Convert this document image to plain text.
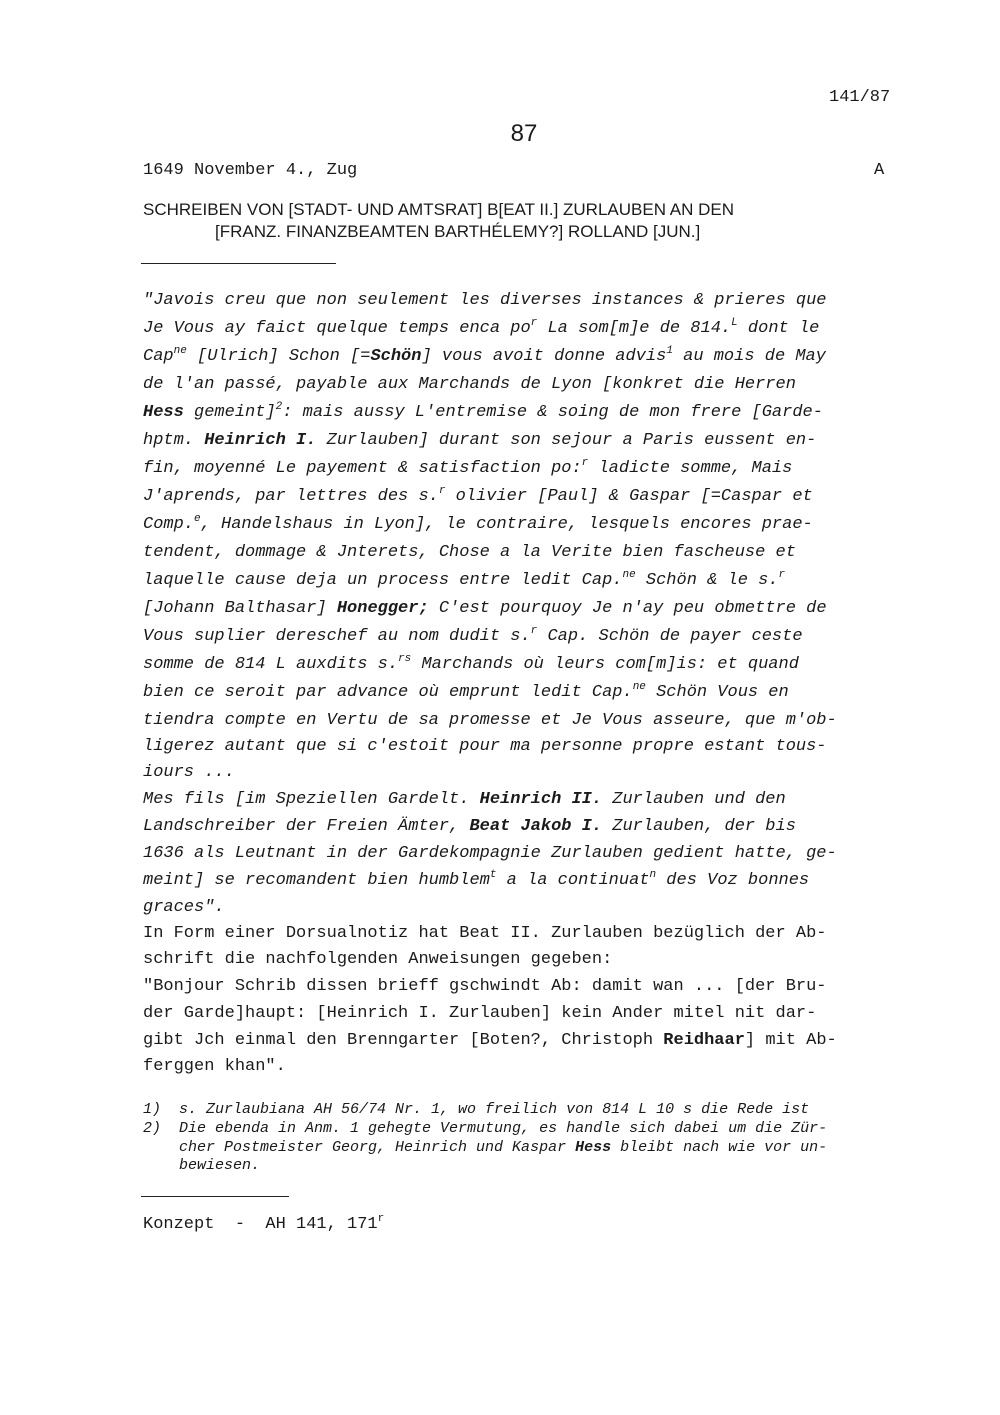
141/87
87
1649 November 4., Zug	A
SCHREIBEN VON [STADT- UND AMTSRAT] B[EAT II.] ZURLAUBEN AN DEN
[FRANZ. FINANZBEAMTEN BARTHÉLEMY?] ROLLAND [JUN.]
"Javois creu que non seulement les diverses instances & prieres que
Je Vous ay faict quelque temps enca $po^r$ La som[m]e de 814.$^L$ dont le
Cap$^{ne}$ [Ulrich] Schon [=Schön] vous avoit donne advis$^1$ au mois de May
de l'an passé, payable aux Marchands de Lyon [konkret die Herren
Hess gemeint]$^2$: mais aussy L'entremise & soing de mon frere [Garde-
hptm. Heinrich I. Zurlauben] durant son sejour a Paris eussent en-
fin, moyenné Le payement & satisfaction po:$^r$ ladicte somme, Mais
J'aprends, par lettres des s.$^r$ olivier [Paul] & Gaspar [=Caspar et
Comp.$^e$, Handelshaus in Lyon], le contraire, lesquels encores prae-
tendent, dommage & Jnterets, Chose a la Verite bien fascheuse et
laquelle cause deja un process entre ledit Cap.$^{ne}$ Schön & le s.$^r$
[Johann Balthasar] Honegger; C'est pourquoy Je n'ay peu obmettre de
Vous suplier dereschef au nom dudit s.$^r$ Cap. Schön de payer ceste
somme de 814 L auxdits s.$^{rs}$ Marchands où leurs com[m]is: et quand
bien ce seroit par advance où emprunt ledit Cap.$^{ne}$ Schön Vous en
tiendra compte en Vertu de sa promesse et Je Vous asseure, que m'ob-
ligerez autant que si c'estoit pour ma personne propre estant tous-
iours ...
Mes fils [im Speziellen Gardelt. Heinrich II. Zurlauben und den
Landschreiber der Freien Ämter, Beat Jakob I. Zurlauben, der bis
1636 als Leutnant in der Gardekompagnie Zurlauben gedient hatte, ge-
meint] se recomandent bien humblem$^t$ a la continuat$^n$ des Voz bonnes
graces".
In Form einer Dorsualnotiz hat Beat II. Zurlauben bezüglich der Ab-
schrift die nachfolgenden Anweisungen gegeben:
"Bonjour Schrib dissen brieff gschwindt Ab: damit wan ... [der Bru-
der Garde]haupt: [Heinrich I. Zurlauben] kein Ander mitel nit dar-
gibt Jch einmal den Brenngarter [Boten?, Christoph Reidhaar] mit Ab-
ferggen khan".
1)  s. Zurlaubiana AH 56/74 Nr. 1, wo freilich von 814 L 10 s die Rede ist
2)  Die ebenda in Anm. 1 gehegte Vermutung, es handle sich dabei um die Zür-
cher Postmeister Georg, Heinrich und Kaspar Hess bleibt nach wie vor un-
bewiesen.
Konzept  -  AH 141, 171$^r$
